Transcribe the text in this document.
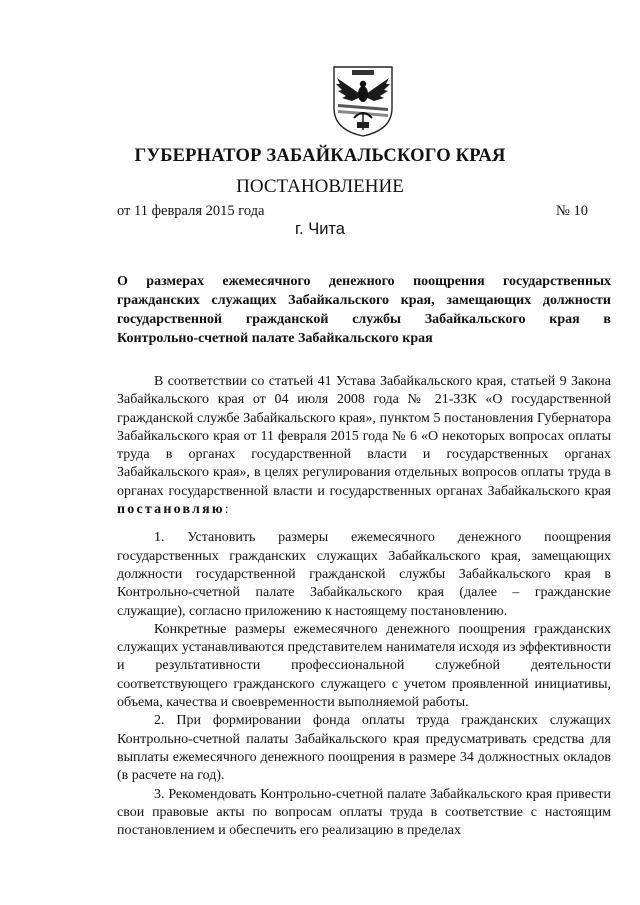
ГУБЕРНАТОР ЗАБАЙКАЛЬСКОГО КРАЯ
ПОСТАНОВЛЕНИЕ
от 11 февраля 2015 года	№ 10
г. Чита
О размерах ежемесячного денежного поощрения государственных
гражданских служащих Забайкальского края, замещающих должности
государственной гражданской службы Забайкальского края в
Контрольно-счетной палате Забайкальского края

В соответствии со статьей 41 Устава Забайкальского края, статьей 9 Закона Забайкальского края от 04 июля 2008 года № 21-ЗЗК «О государственной гражданской службе Забайкальского края», пунктом 5 постановления Губернатора Забайкальского края от 11 февраля 2015 года № 6 «О некоторых вопросах оплаты труда в органах государственной власти и государственных органах Забайкальского края», в целях регулирования отдельных вопросов оплаты труда в органах государственной власти и государственных органах Забайкальского края постановляю:

1. Установить размеры ежемесячного денежного поощрения государственных гражданских служащих Забайкальского края, замещающих должности государственной гражданской службы Забайкальского края в Контрольно-счетной палате Забайкальского края (далее – гражданские служащие), согласно приложению к настоящему постановлению.

Конкретные размеры ежемесячного денежного поощрения гражданских служащих устанавливаются представителем нанимателя исходя из эффективности и результативности профессиональной служебной деятельности соответствующего гражданского служащего с учетом проявленной инициативы, объема, качества и своевременности выполняемой работы.

2. При формировании фонда оплаты труда гражданских служащих Контрольно-счетной палаты Забайкальского края предусматривать средства для выплаты ежемесячного денежного поощрения в размере 34 должностных окладов (в расчете на год).

3. Рекомендовать Контрольно-счетной палате Забайкальского края привести свои правовые акты по вопросам оплаты труда в соответствие с настоящим постановлением и обеспечить его реализацию в пределах
